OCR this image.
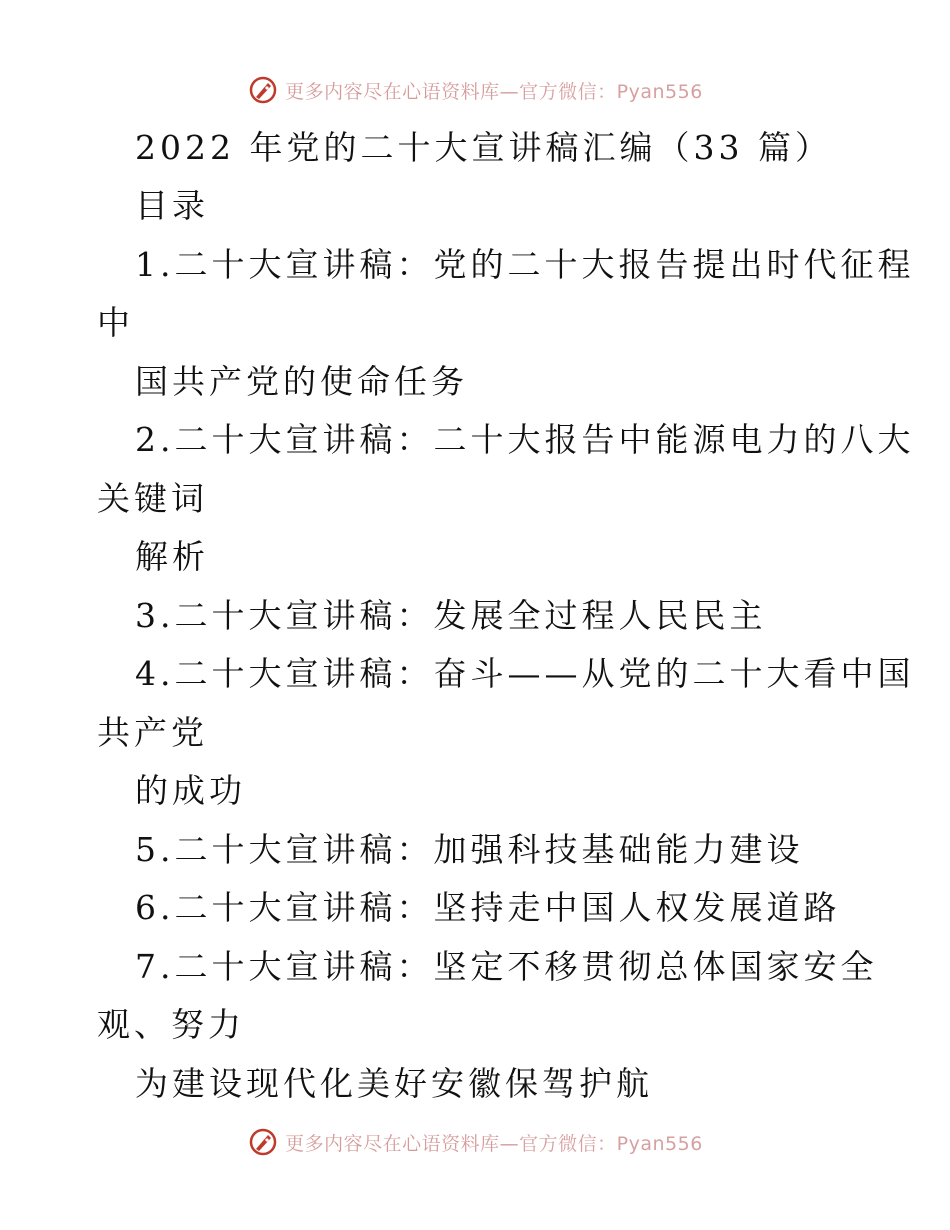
更多内容尽在心语资料库—官方微信：Pyan556

2022 年党的二十大宣讲稿汇编（33 篇）

目录

1.二十大宣讲稿：党的二十大报告提出时代征程

中

国共产党的使命任务

2.二十大宣讲稿：二十大报告中能源电力的八大

关键词

解析

3.二十大宣讲稿：发展全过程人民民主

4.二十大宣讲稿：奋斗——从党的二十大看中国

共产党

的成功

5.二十大宣讲稿：加强科技基础能力建设

6.二十大宣讲稿：坚持走中国人权发展道路

7.二十大宣讲稿：坚定不移贯彻总体国家安全

观、努力

为建设现代化美好安徽保驾护航

更多内容尽在心语资料库—官方微信：Pyan556
